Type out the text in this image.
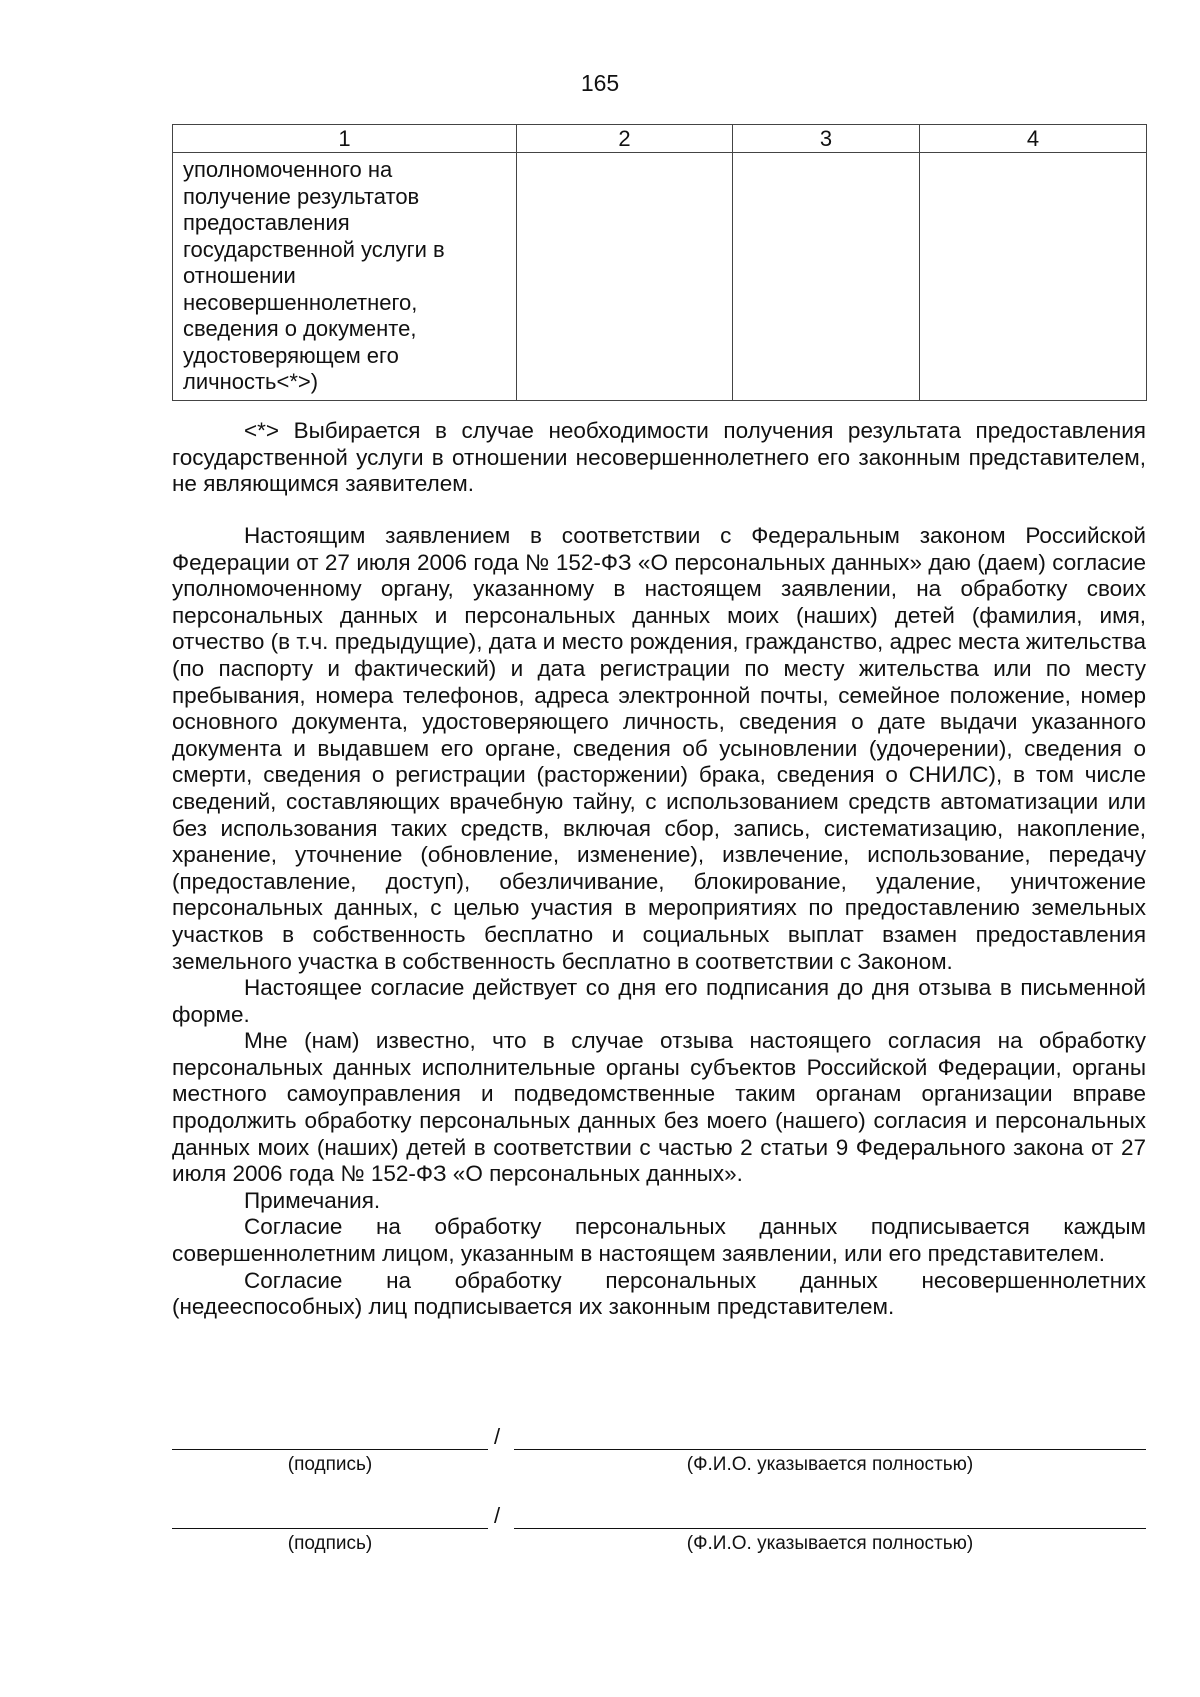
165
1	2	3	4
уполномоченного на получение результатов предоставления государственной услуги в отношении несовершеннолетнего, сведения о документе, удостоверяющем его личность<*>)			

<*> Выбирается в случае необходимости получения результата предоставления государственной услуги в отношении несовершеннолетнего его законным представителем, не являющимся заявителем.

Настоящим заявлением в соответствии с Федеральным законом Российской Федерации от 27 июля 2006 года № 152-ФЗ «О персональных данных» даю (даем) согласие уполномоченному органу, указанному в настоящем заявлении, на обработку своих персональных данных и персональных данных моих (наших) детей (фамилия, имя, отчество (в т.ч. предыдущие), дата и место рождения, гражданство, адрес места жительства (по паспорту и фактический) и дата регистрации по месту жительства или по месту пребывания, номера телефонов, адреса электронной почты, семейное положение, номер основного документа, удостоверяющего личность, сведения о дате выдачи указанного документа и выдавшем его органе, сведения об усыновлении (удочерении), сведения о смерти, сведения о регистрации (расторжении) брака, сведения о СНИЛС), в том числе сведений, составляющих врачебную тайну, с использованием средств автоматизации или без использования таких средств, включая сбор, запись, систематизацию, накопление, хранение, уточнение (обновление, изменение), извлечение, использование, передачу (предоставление, доступ), обезличивание, блокирование, удаление, уничтожение персональных данных, с целью участия в мероприятиях по предоставлению земельных участков в собственность бесплатно и социальных выплат взамен предоставления земельного участка в собственность бесплатно в соответствии с Законом.

Настоящее согласие действует со дня его подписания до дня отзыва в письменной форме.

Мне (нам) известно, что в случае отзыва настоящего согласия на обработку персональных данных исполнительные органы субъектов Российской Федерации, органы местного самоуправления и подведомственные таким органам организации вправе продолжить обработку персональных данных без моего (нашего) согласия и персональных данных моих (наших) детей в соответствии с частью 2 статьи 9 Федерального закона от 27 июля 2006 года № 152-ФЗ «О персональных данных».

Примечания.

Согласие на обработку персональных данных подписывается каждым совершеннолетним лицом, указанным в настоящем заявлении, или его представителем.

Согласие на обработку персональных данных несовершеннолетних (недееспособных) лиц подписывается их законным представителем.

/
(подпись)	(Ф.И.О. указывается полностью)
/
(подпись)	(Ф.И.О. указывается полностью)
